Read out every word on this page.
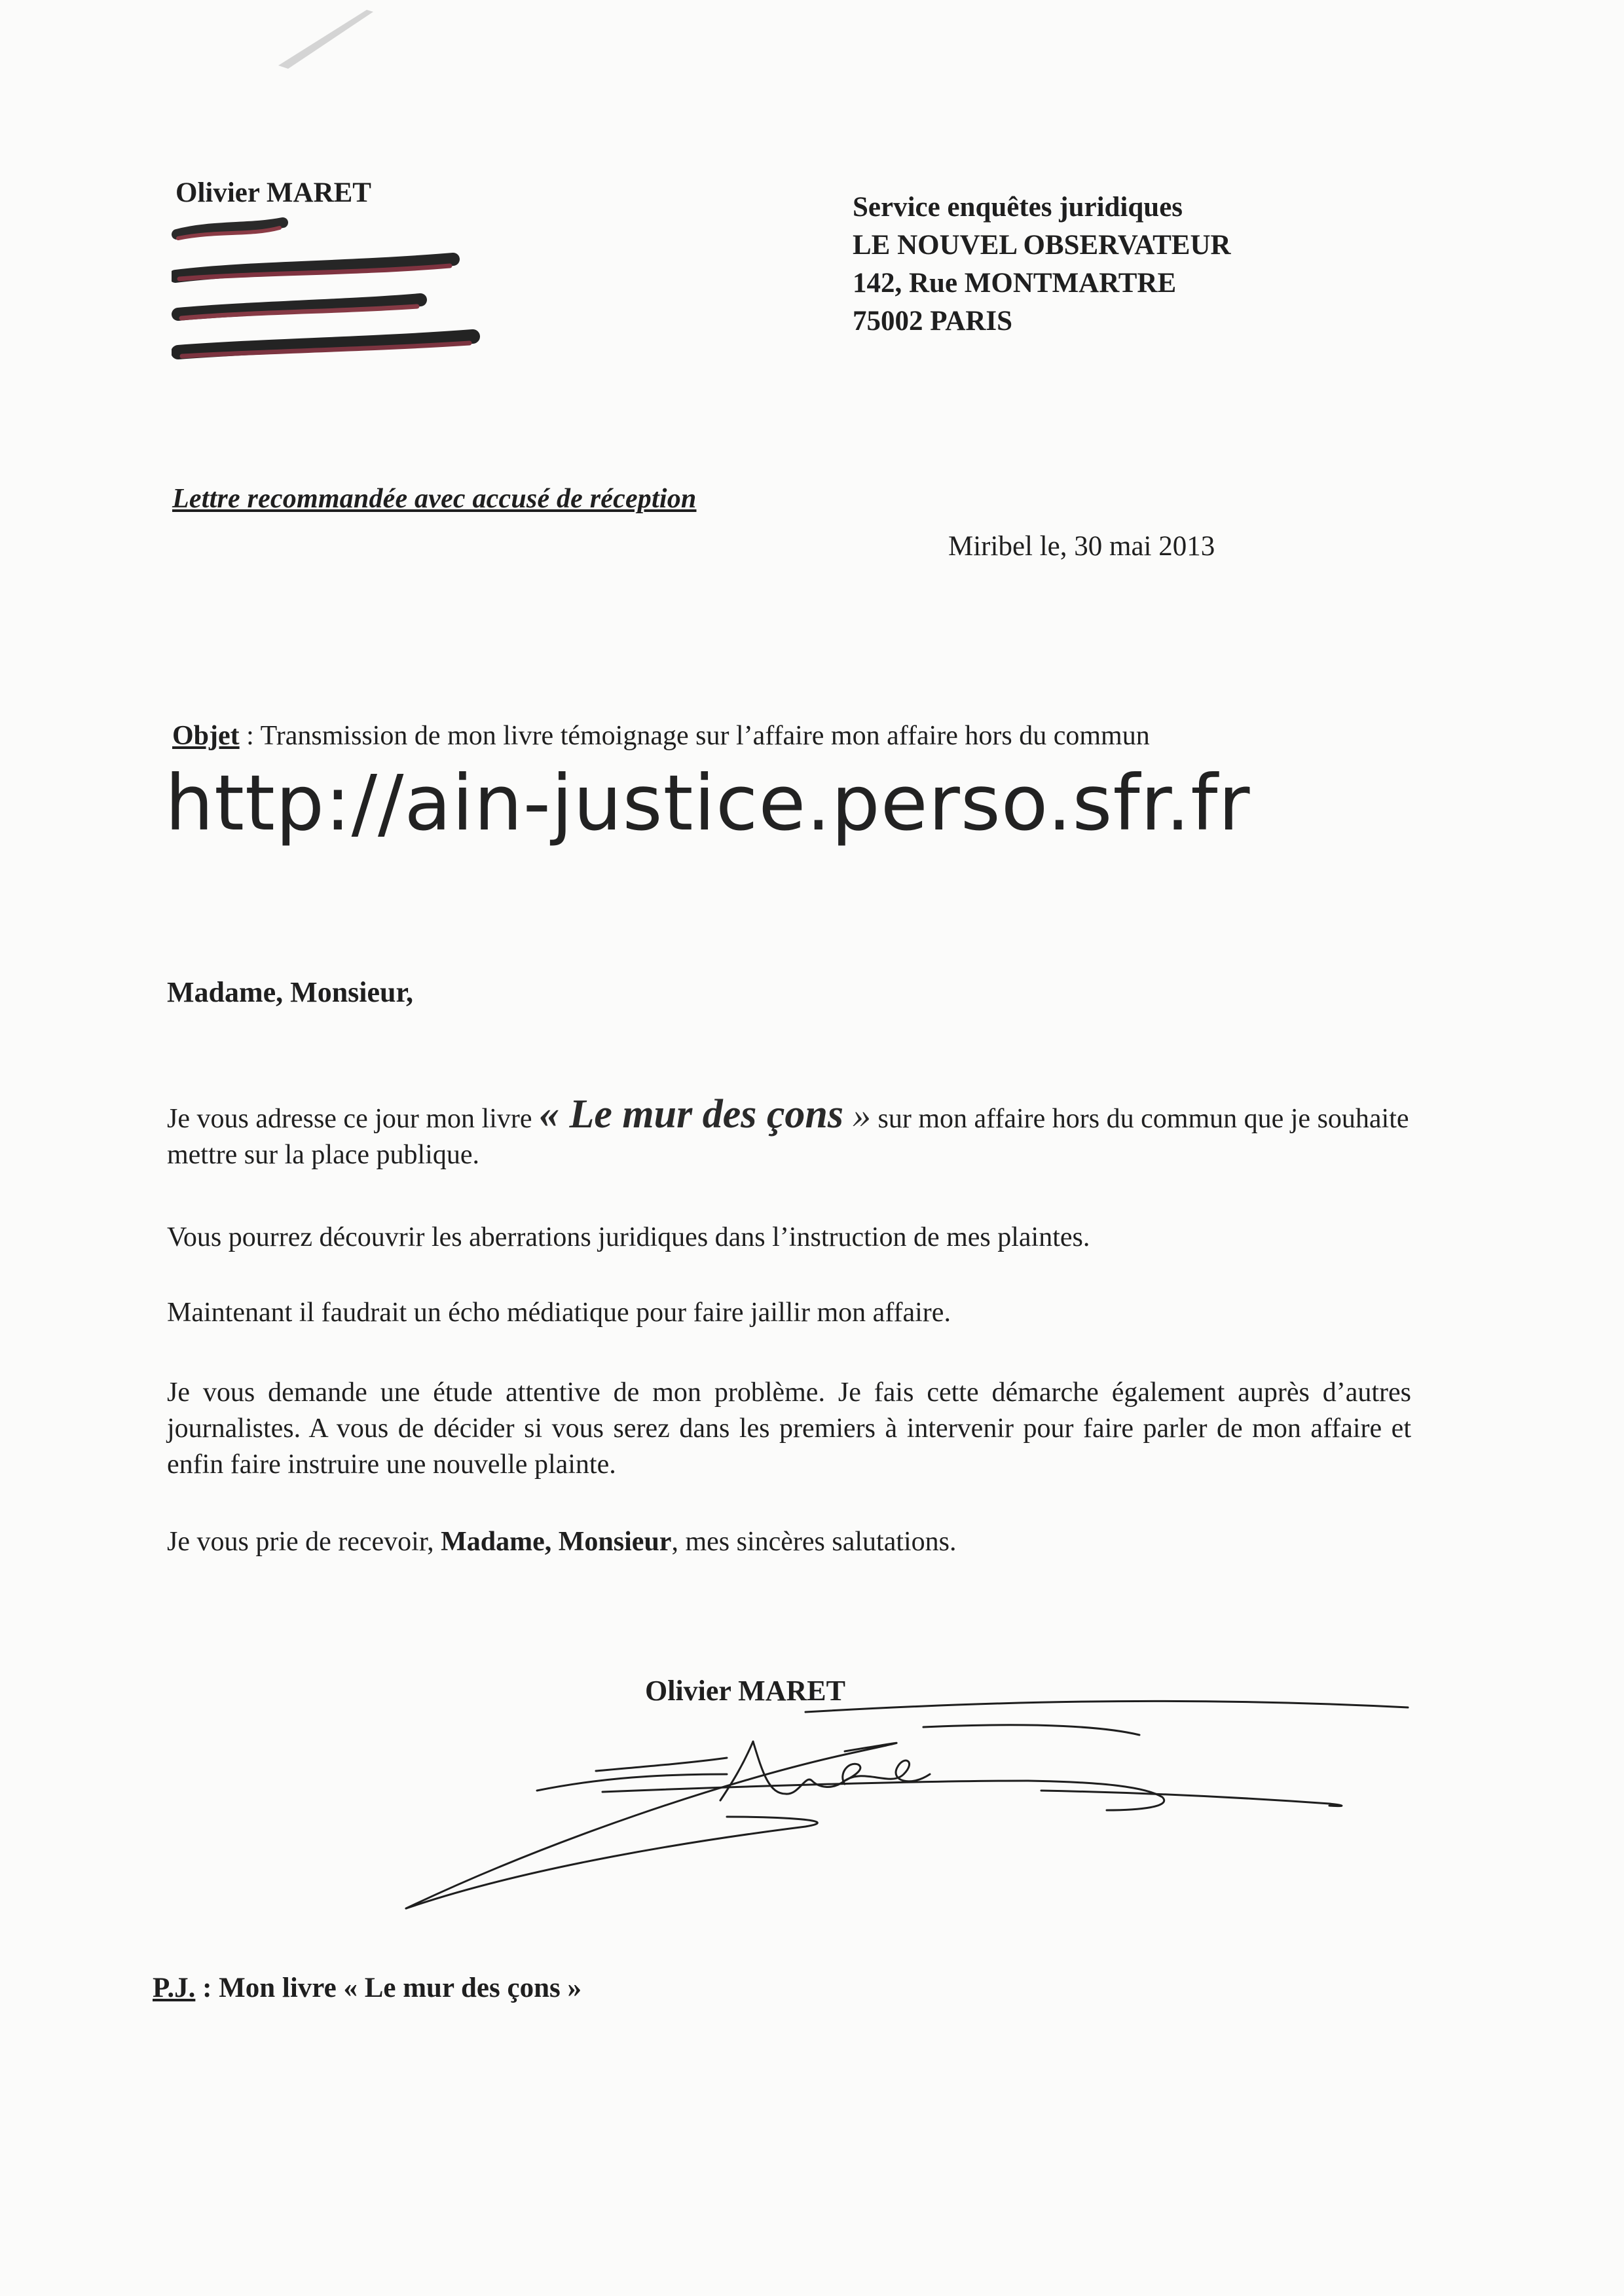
Olivier MARET	Service enquêtes juridiques
LE NOUVEL OBSERVATEUR
142, Rue MONTMARTRE
75002 PARIS
Lettre recommandée avec accusé de réception
Miribel le, 30 mai 2013
Objet : Transmission de mon livre témoignage sur l’affaire mon affaire hors du commun
http://ain-justice.perso.sfr.fr
Madame, Monsieur,
Je vous adresse ce jour mon livre « Le mur des çons » sur mon affaire hors du commun que je souhaite mettre sur la place publique.
Vous pourrez découvrir les aberrations juridiques dans l’instruction de mes plaintes.
Maintenant il faudrait un écho médiatique pour faire jaillir mon affaire.
Je vous demande une étude attentive de mon problème. Je fais cette démarche également auprès d’autres journalistes. A vous de décider si vous serez dans les premiers à intervenir pour faire parler de mon affaire et enfin faire instruire une nouvelle plainte.
Je vous prie de recevoir, Madame, Monsieur, mes sincères salutations.
Olivier MARET
P.J. : Mon livre « Le mur des çons »
